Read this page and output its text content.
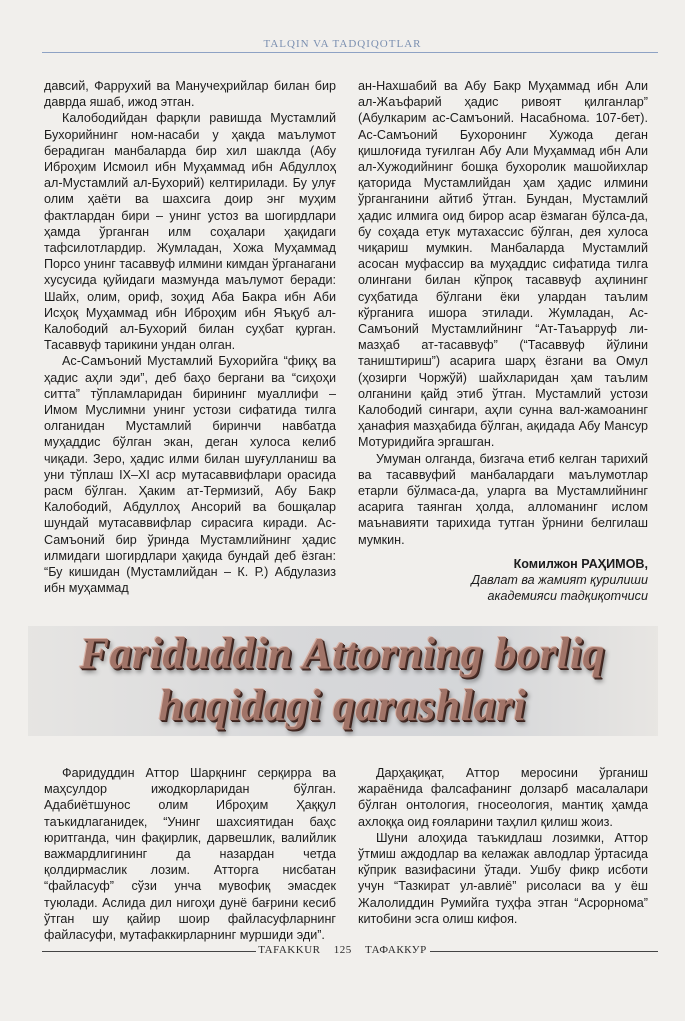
TALQIN VA TADQIQOTLAR

давсий, Фаррухий ва Манучеҳрийлар билан бир даврда яшаб, ижод этган.

Калободийдан фарқли равишда Мустамлий Бухорийнинг ном-насаби у ҳақда маълумот берадиган манбаларда бир хил шаклда (Абу Иброҳим Исмоил ибн Муҳаммад ибн Абдуллоҳ ал-Мустамлий ал-Бухорий) келтирилади. Бу улуғ олим ҳаёти ва шахсига доир энг муҳим фактлардан бири – унинг устоз ва шогирдлари ҳамда ўрганган илм соҳалари ҳақидаги тафсилотлардир. Жумладан, Хожа Муҳаммад Порсо унинг тасаввуф илмини кимдан ўрганагани хусусида қуйидаги мазмунда маълумот беради: Шайх, олим, ориф, зоҳид Аба Бакра ибн Аби Исҳоқ Муҳаммад ибн Иброҳим ибн Яъқуб ал-Калободий ал-Бухорий билан суҳбат қурган. Тасаввуф тарикини ундан олган.

Ас-Самъоний Мустамлий Бухорийга “фиқҳ ва ҳадис аҳли эди”, деб баҳо бергани ва “сиҳоҳи ситта” тўпламларидан бирининг муаллифи – Имом Муслимни унинг устози сифатида тилга олганидан Мустамлий биринчи навбатда муҳаддис бўлган экан, деган хулоса келиб чиқади. Зеро, ҳадис илми билан шуғулланиш ва уни тўплаш IX–XI аср мутасаввифлари орасида расм бўлган. Ҳаким ат-Термизий, Абу Бакр Калободий, Абдуллоҳ Ансорий ва бошқалар шундай мутасаввифлар сирасига киради. Ас-Самъоний бир ўринда Мустамлийнинг ҳадис илмидаги шогирдлари ҳақида бундай деб ёзган: “Бу кишидан (Мустамлийдан – К. Р.) Абдулазиз ибн муҳаммад

ан-Нахшабий ва Абу Бакр Муҳаммад ибн Али ал-Жаъфарий ҳадис ривоят қилганлар” (Абулкарим ас-Самъоний. Насабнома. 107-бет). Ас-Самъоний Бухоронинг Хужода деган қишлоғида туғилган Абу Али Муҳаммад ибн Али ал-Хужодийнинг бошқа бухоролик машойихлар қаторида Мустамлийдан ҳам ҳадис илмини ўрганганини айтиб ўтган. Бундан, Мустамлий ҳадис илмига оид бирор асар ёзмаган бўлса-да, бу соҳада етук мутахассис бўлган, дея хулоса чиқариш мумкин. Манбаларда Мустамлий асосан муфассир ва муҳаддис сифатида тилга олингани билан кўпроқ тасаввуф аҳлининг суҳбатида бўлгани ёки улардан таълим кўрганига ишора этилади. Жумладан, Ас-Самъоний Мустамлийнинг “Ат-Таъарруф ли-мазҳаб ат-тасаввуф” (“Тасаввуф йўлини таништириш”) асарига шарҳ ёзгани ва Омул (ҳозирги Чоржўй) шайхларидан ҳам таълим олганини қайд этиб ўтган. Мустамлий устози Калободий сингари, аҳли сунна вал-жамоанинг ҳанафия мазҳабида бўлган, ақидада Абу Мансур Мотуридийга эргашган.

Умуман олганда, бизгача етиб келган тарихий ва тасаввуфий манбалардаги маълумотлар етарли бўлмаса-да, уларга ва Мустамлийнинг асарига таянган ҳолда, алломанинг ислом маънавияти тарихида тутган ўрнини белгилаш мумкин.

Комилжон РАҲИМОВ,
Давлат ва жамият қурилиши
академияси тадқиқотчиси
Fariduddin Attorning borliq
haqidagi qarashlari

Фаридуддин Аттор Шарқнинг серқирра ва маҳсулдор ижодкорларидан бўлган. Адабиётшунос олим Иброҳим Ҳаққул таъкидлаганидек, “Унинг шахсиятидан баҳс юритганда, чин фақирлик, дарвешлик, валийлик важмардлигининг да назардан четда қолдирмаслик лозим. Атторга нисбатан “файласуф” сўзи унча мувофиқ эмасдек туюлади. Аслида дил нигоҳи дунё бағрини кесиб ўтган шу қайир шоир файласуфларнинг файласуфи, мутафаккирларнинг муршиди эди”.

Дарҳақиқат, Аттор меросини ўрганиш жараёнида фалсафанинг долзарб масалалари бўлган онтология, гносеология, мантиқ ҳамда ахлоққа оид ғояларини таҳлил қилиш жоиз.

Шуни алоҳида таъкидлаш лозимки, Аттор ўтмиш аждодлар ва келажак авлодлар ўртасида кўприк вазифасини ўтади. Ушбу фикр исботи учун “Тазкират ул-авлиё” рисоласи ва у ёш Жалолиддин Румийга туҳфа этган “Асрорнома” китобини эсга олиш кифоя.

TAFAKKUR 125 ТАФАККУР
